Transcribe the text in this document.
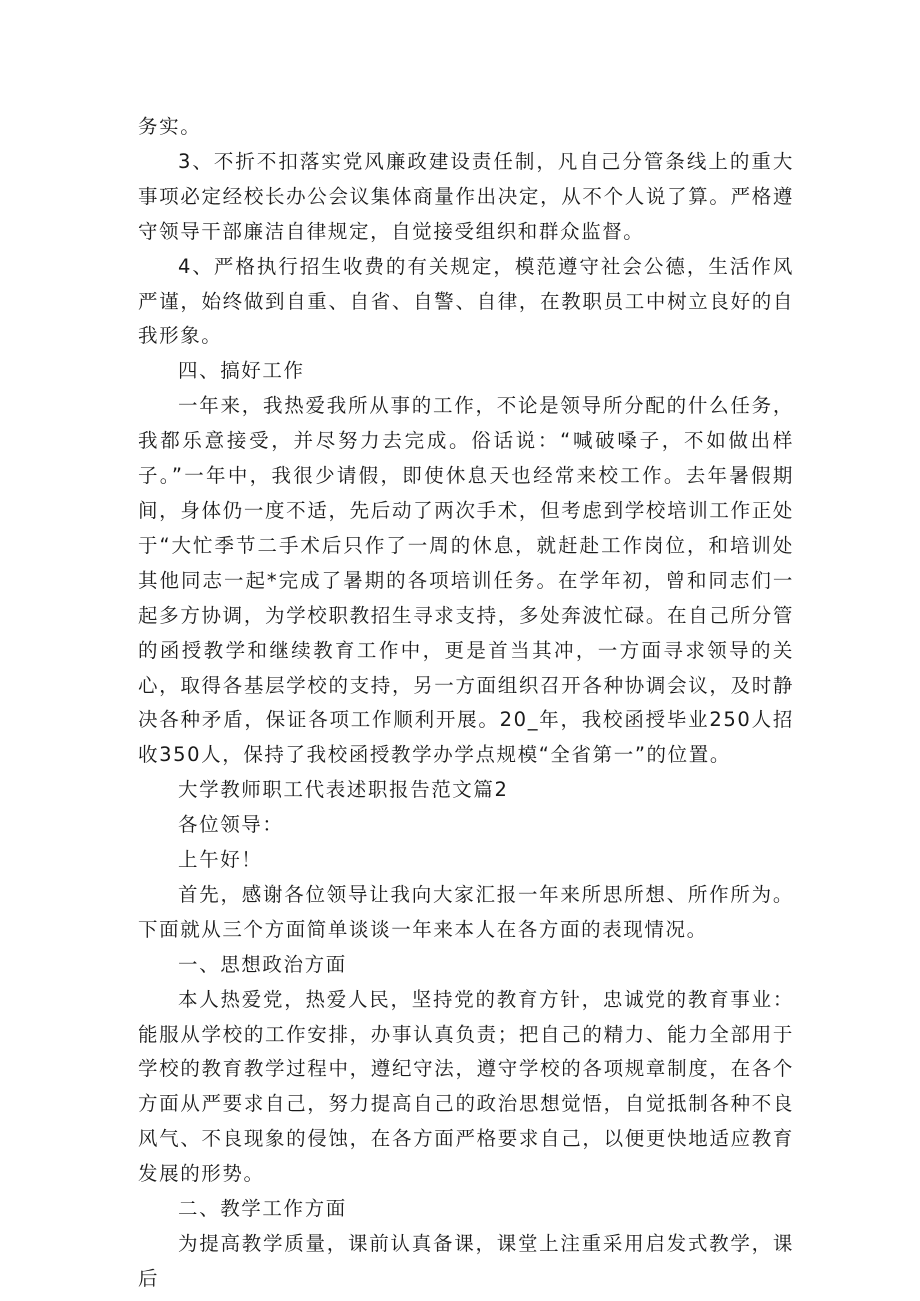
务实。

3、不折不扣落实党风廉政建设责任制，凡自己分管条线上的重大事项必定经校长办公会议集体商量作出决定，从不个人说了算。严格遵守领导干部廉洁自律规定，自觉接受组织和群众监督。

4、严格执行招生收费的有关规定，模范遵守社会公德，生活作风严谨，始终做到自重、自省、自警、自律，在教职员工中树立良好的自我形象。

四、搞好工作

一年来，我热爱我所从事的工作，不论是领导所分配的什么任务，我都乐意接受，并尽努力去完成。俗话说：“喊破嗓子，不如做出样子。”一年中，我很少请假，即使休息天也经常来校工作。去年暑假期间，身体仍一度不适，先后动了两次手术，但考虑到学校培训工作正处于“大忙季节二手术后只作了一周的休息，就赶赴工作岗位，和培训处其他同志一起*完成了暑期的各项培训任务。在学年初，曾和同志们一起多方协调，为学校职教招生寻求支持，多处奔波忙碌。在自己所分管的函授教学和继续教育工作中，更是首当其冲，一方面寻求领导的关心，取得各基层学校的支持，另一方面组织召开各种协调会议，及时静决各种矛盾，保证各项工作顺利开展。20_年，我校函授毕业250人招收350人，保持了我校函授教学办学点规模“全省第一”的位置。

大学教师职工代表述职报告范文篇2

各位领导：

上午好！

首先，感谢各位领导让我向大家汇报一年来所思所想、所作所为。下面就从三个方面简单谈谈一年来本人在各方面的表现情况。

一、思想政治方面

本人热爱党，热爱人民，坚持党的教育方针，忠诚党的教育事业：能服从学校的工作安排，办事认真负责；把自己的精力、能力全部用于学校的教育教学过程中，遵纪守法，遵守学校的各项规章制度，在各个方面从严要求自己，努力提高自己的政治思想觉悟，自觉抵制各种不良风气、不良现象的侵蚀，在各方面严格要求自己，以便更快地适应教育发展的形势。

二、教学工作方面

为提高教学质量，课前认真备课，课堂上注重采用启发式教学，课后
